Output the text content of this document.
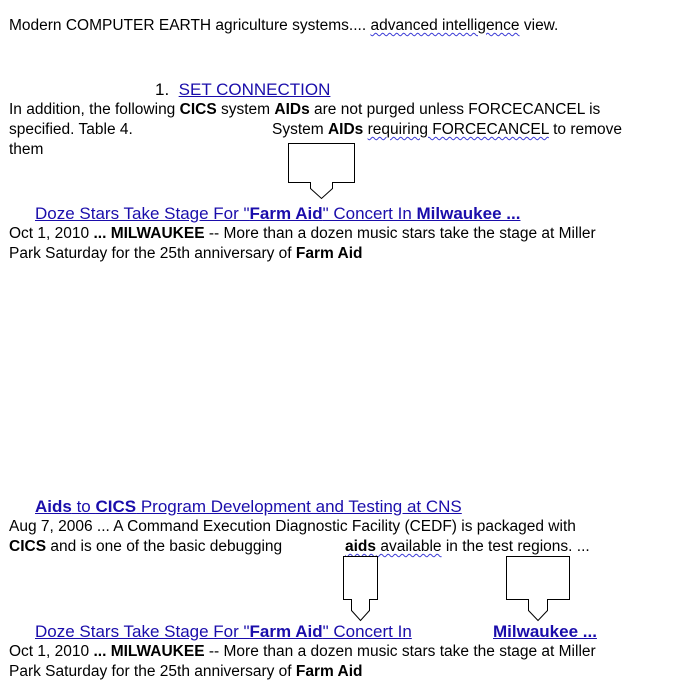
Modern COMPUTER EARTH agriculture systems.... advanced intelligence view.
1. SET CONNECTION
In addition, the following CICS system AIDs are not purged unless FORCECANCEL is
specified. Table 4.	System AIDs requiring FORCECANCEL to remove
them
Doze Stars Take Stage For "Farm Aid" Concert In Milwaukee ...
Oct 1, 2010 ... MILWAUKEE -- More than a dozen music stars take the stage at Miller
Park Saturday for the 25th anniversary of Farm Aid
Aids to CICS Program Development and Testing at CNS
Aug 7, 2006 ... A Command Execution Diagnostic Facility (CEDF) is packaged with
CICS and is one of the basic debugging	aids available in the test regions. ...
Doze Stars Take Stage For "Farm Aid" Concert In	Milwaukee ...
Oct 1, 2010 ... MILWAUKEE -- More than a dozen music stars take the stage at Miller
Park Saturday for the 25th anniversary of Farm Aid
